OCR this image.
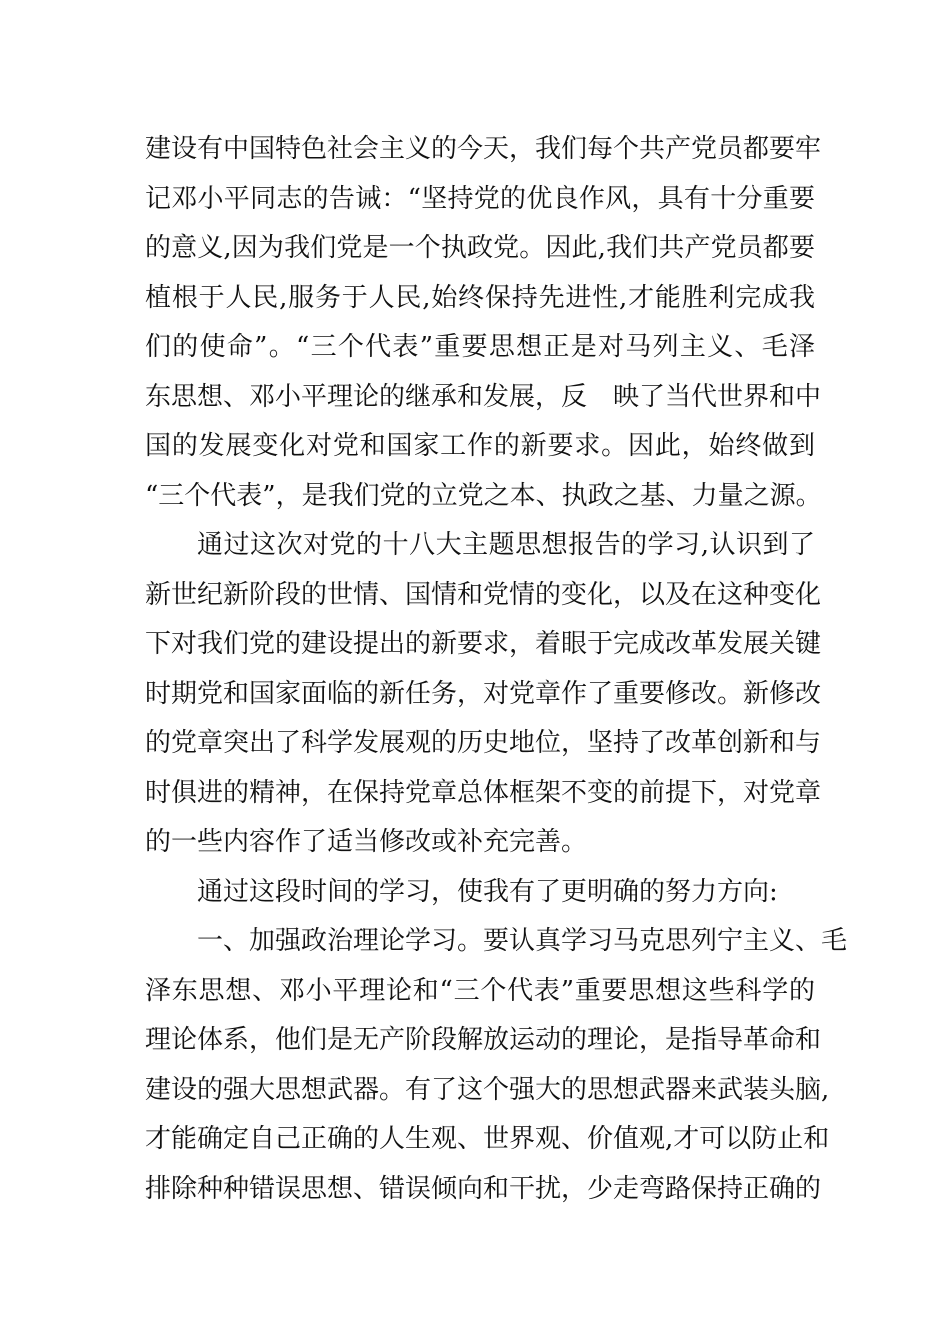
建设有中国特色社会主义的今天，我们每个共产党员都要牢
记邓小平同志的告诫：“坚持党的优良作风，具有十分重要
的意义,因为我们党是一个执政党。因此,我们共产党员都要
植根于人民,服务于人民,始终保持先进性,才能胜利完成我
们的使命”。“三个代表”重要思想正是对马列主义、毛泽
东思想、邓小平理论的继承和发展，反　映了当代世界和中
国的发展变化对党和国家工作的新要求。因此，始终做到
“三个代表”，是我们党的立党之本、执政之基、力量之源。
通过这次对党的十八大主题思想报告的学习,认识到了
新世纪新阶段的世情、国情和党情的变化，以及在这种变化
下对我们党的建设提出的新要求，着眼于完成改革发展关键
时期党和国家面临的新任务，对党章作了重要修改。新修改
的党章突出了科学发展观的历史地位，坚持了改革创新和与
时俱进的精神，在保持党章总体框架不变的前提下，对党章
的一些内容作了适当修改或补充完善。
通过这段时间的学习，使我有了更明确的努力方向:
一、加强政治理论学习。要认真学习马克思列宁主义、毛
泽东思想、邓小平理论和“三个代表”重要思想这些科学的
理论体系，他们是无产阶段解放运动的理论，是指导革命和
建设的强大思想武器。有了这个强大的思想武器来武装头脑,
才能确定自己正确的人生观、世界观、价值观,才可以防止和
排除种种错误思想、错误倾向和干扰，少走弯路保持正确的
